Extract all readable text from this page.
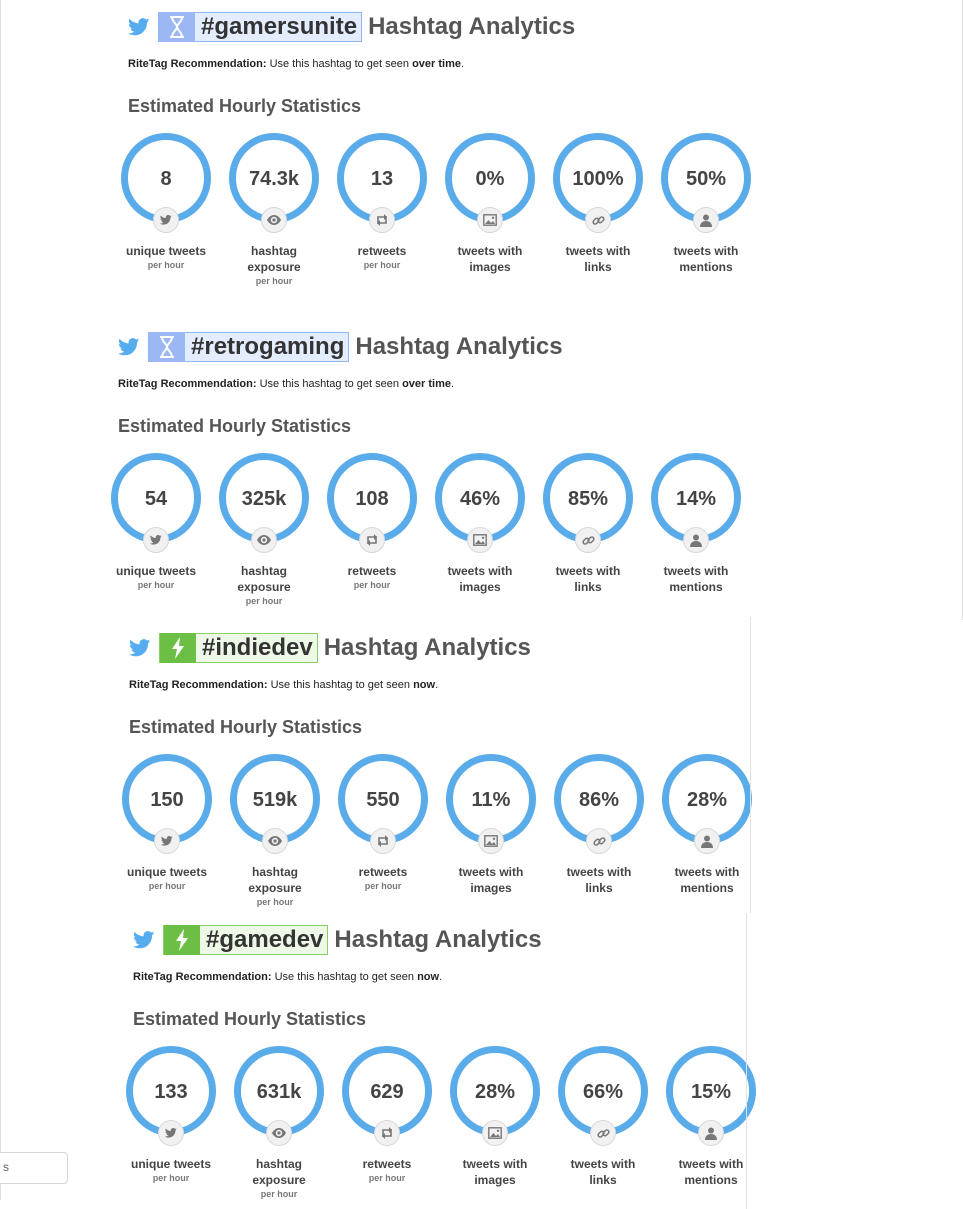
#gamersunite Hashtag Analytics
RiteTag Recommendation: Use this hashtag to get seen over time.
Estimated Hourly Statistics
8
unique tweets
per hour
74.3k
hashtag exposure
per hour
13
retweets
per hour
0%
tweets with images
100%
tweets with links
50%
tweets with mentions
#retrogaming Hashtag Analytics
RiteTag Recommendation: Use this hashtag to get seen over time.
Estimated Hourly Statistics
54
unique tweets
per hour
325k
hashtag exposure
per hour
108
retweets
per hour
46%
tweets with images
85%
tweets with links
14%
tweets with mentions
#indiedev Hashtag Analytics
RiteTag Recommendation: Use this hashtag to get seen now.
Estimated Hourly Statistics
150
unique tweets
per hour
519k
hashtag exposure
per hour
550
retweets
per hour
11%
tweets with images
86%
tweets with links
28%
tweets with mentions
#gamedev Hashtag Analytics
RiteTag Recommendation: Use this hashtag to get seen now.
Estimated Hourly Statistics
133
unique tweets
per hour
631k
hashtag exposure
per hour
629
retweets
per hour
28%
tweets with images
66%
tweets with links
15%
tweets with mentions
s
